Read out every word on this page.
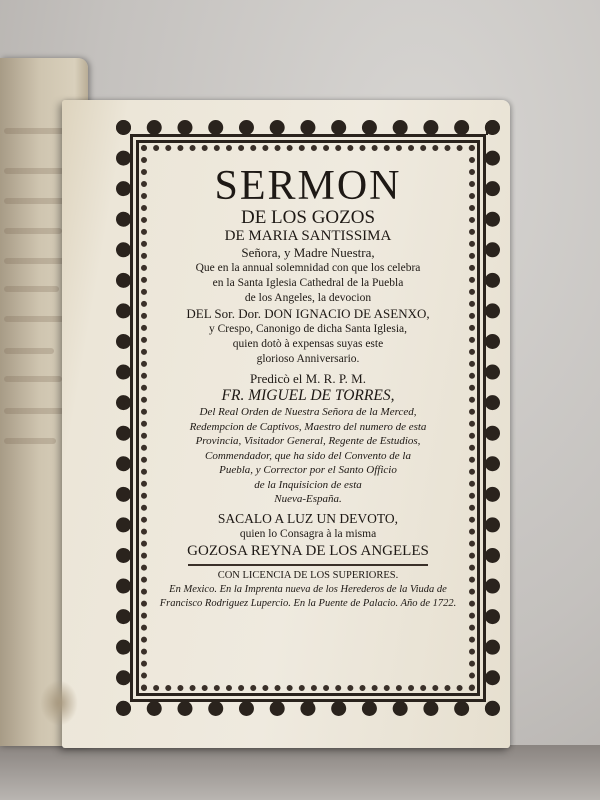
❦
❦
✢	✢
SERMON
DE LOS GOZOS
DE MARIA SANTISSIMA
Señora, y Madre Nuestra,
Que en la annual solemnidad con que los celebra
en la Santa Iglesia Cathedral de la Puebla
de los Angeles, la devocion
DEL Sor. Dor. DON IGNACIO DE ASENXO,
y Crespo, Canonigo de dicha Santa Iglesia,
quien dotò à expensas suyas este
glorioso Anniversario.
Predicò el M. R. P. M.
FR. MIGUEL DE TORRES,
Del Real Orden de Nuestra Señora de la Merced,
Redempcion de Captivos, Maestro del numero de esta
Provincia, Visitador General, Regente de Estudios,
Commendador, que ha sido del Convento de la
Puebla, y Corrector por el Santo Officio
de la Inquisicion de esta
Nueva-España.
SACALO A LUZ UN DEVOTO,
quien lo Consagra à la misma
GOZOSA REYNA DE LOS ANGELES
CON LICENCIA DE LOS SUPERIORES.
En Mexico. En la Imprenta nueva de los Herederos de la Viuda de
Francisco Rodriguez Lupercio. En la Puente de Palacio. Año de 1722.
